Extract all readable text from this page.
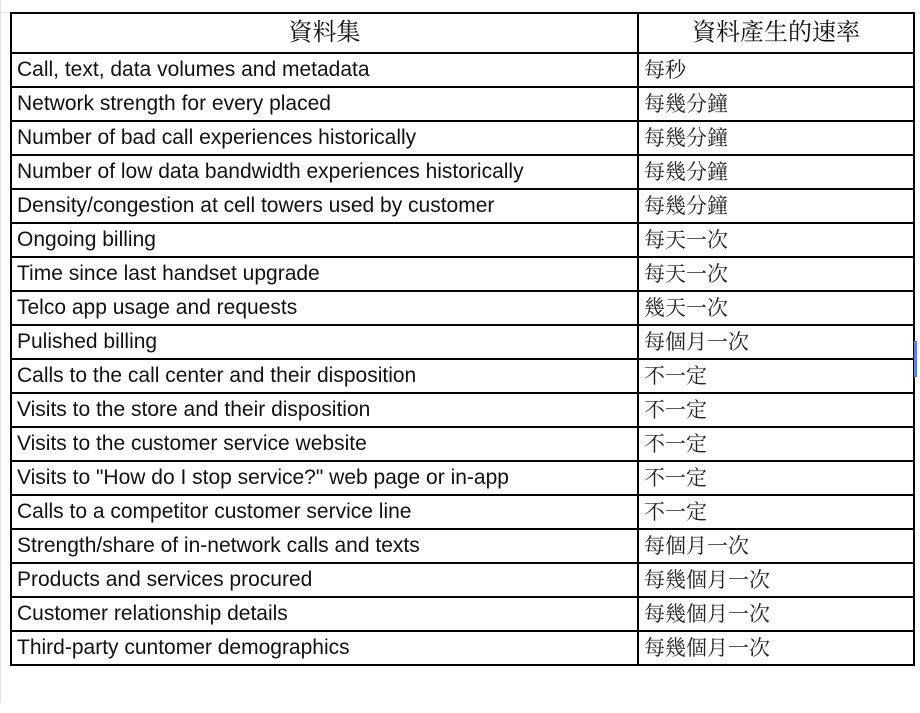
資料集	資料產生的速率
Call, text, data volumes and metadata	每秒
Network strength for every placed	每幾分鐘
Number of bad call experiences historically	每幾分鐘
Number of low data bandwidth experiences historically	每幾分鐘
Density/congestion at cell towers used by customer	每幾分鐘
Ongoing billing	每天一次
Time since last handset upgrade	每天一次
Telco app usage and requests	幾天一次
Pulished billing	每個月一次
Calls to the call center and their disposition	不一定
Visits to the store and their disposition	不一定
Visits to the customer service website	不一定
Visits to "How do I stop service?" web page or in-app	不一定
Calls to a competitor customer service line	不一定
Strength/share of in-network calls and texts	每個月一次
Products and services procured	每幾個月一次
Customer relationship details	每幾個月一次
Third-party cuntomer demographics	每幾個月一次
